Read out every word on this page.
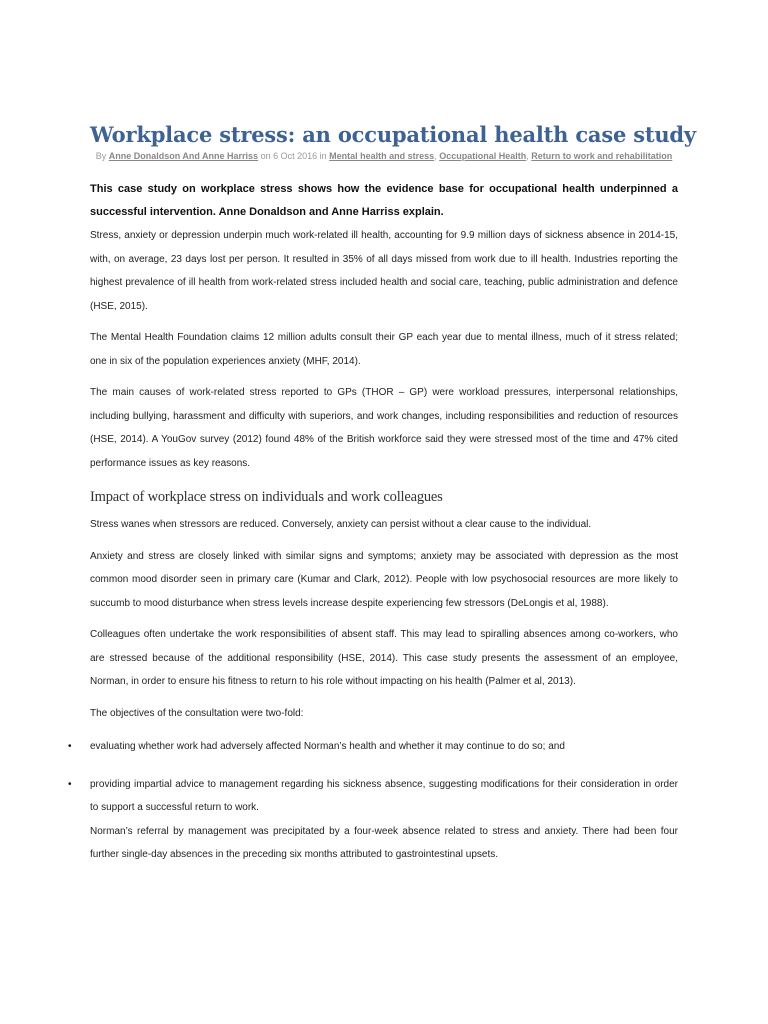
Workplace stress: an occupational health case study
By Anne Donaldson And Anne Harriss on 6 Oct 2016 in Mental health and stress, Occupational Health, Return to work and rehabilitation

This case study on workplace stress shows how the evidence base for occupational health underpinned a successful intervention. Anne Donaldson and Anne Harriss explain.

Stress, anxiety or depression underpin much work-related ill health, accounting for 9.9 million days of sickness absence in 2014-15, with, on average, 23 days lost per person. It resulted in 35% of all days missed from work due to ill health. Industries reporting the highest prevalence of ill health from work-related stress included health and social care, teaching, public administration and defence (HSE, 2015).

The Mental Health Foundation claims 12 million adults consult their GP each year due to mental illness, much of it stress related; one in six of the population experiences anxiety (MHF, 2014).

The main causes of work-related stress reported to GPs (THOR – GP) were workload pressures, interpersonal relationships, including bullying, harassment and difficulty with superiors, and work changes, including responsibilities and reduction of resources (HSE, 2014). A YouGov survey (2012) found 48% of the British workforce said they were stressed most of the time and 47% cited performance issues as key reasons.

Impact of workplace stress on individuals and work colleagues

Stress wanes when stressors are reduced. Conversely, anxiety can persist without a clear cause to the individual.

Anxiety and stress are closely linked with similar signs and symptoms; anxiety may be associated with depression as the most common mood disorder seen in primary care (Kumar and Clark, 2012). People with low psychosocial resources are more likely to succumb to mood disturbance when stress levels increase despite experiencing few stressors (DeLongis et al, 1988).

Colleagues often undertake the work responsibilities of absent staff. This may lead to spiralling absences among co-workers, who are stressed because of the additional responsibility (HSE, 2014). This case study presents the assessment of an employee, Norman, in order to ensure his fitness to return to his role without impacting on his health (Palmer et al, 2013).

The objectives of the consultation were two-fold:

• evaluating whether work had adversely affected Norman’s health and whether it may continue to do so; and
• providing impartial advice to management regarding his sickness absence, suggesting modifications for their consideration in order to support a successful return to work.

Norman’s referral by management was precipitated by a four-week absence related to stress and anxiety. There had been four further single-day absences in the preceding six months attributed to gastrointestinal upsets.
